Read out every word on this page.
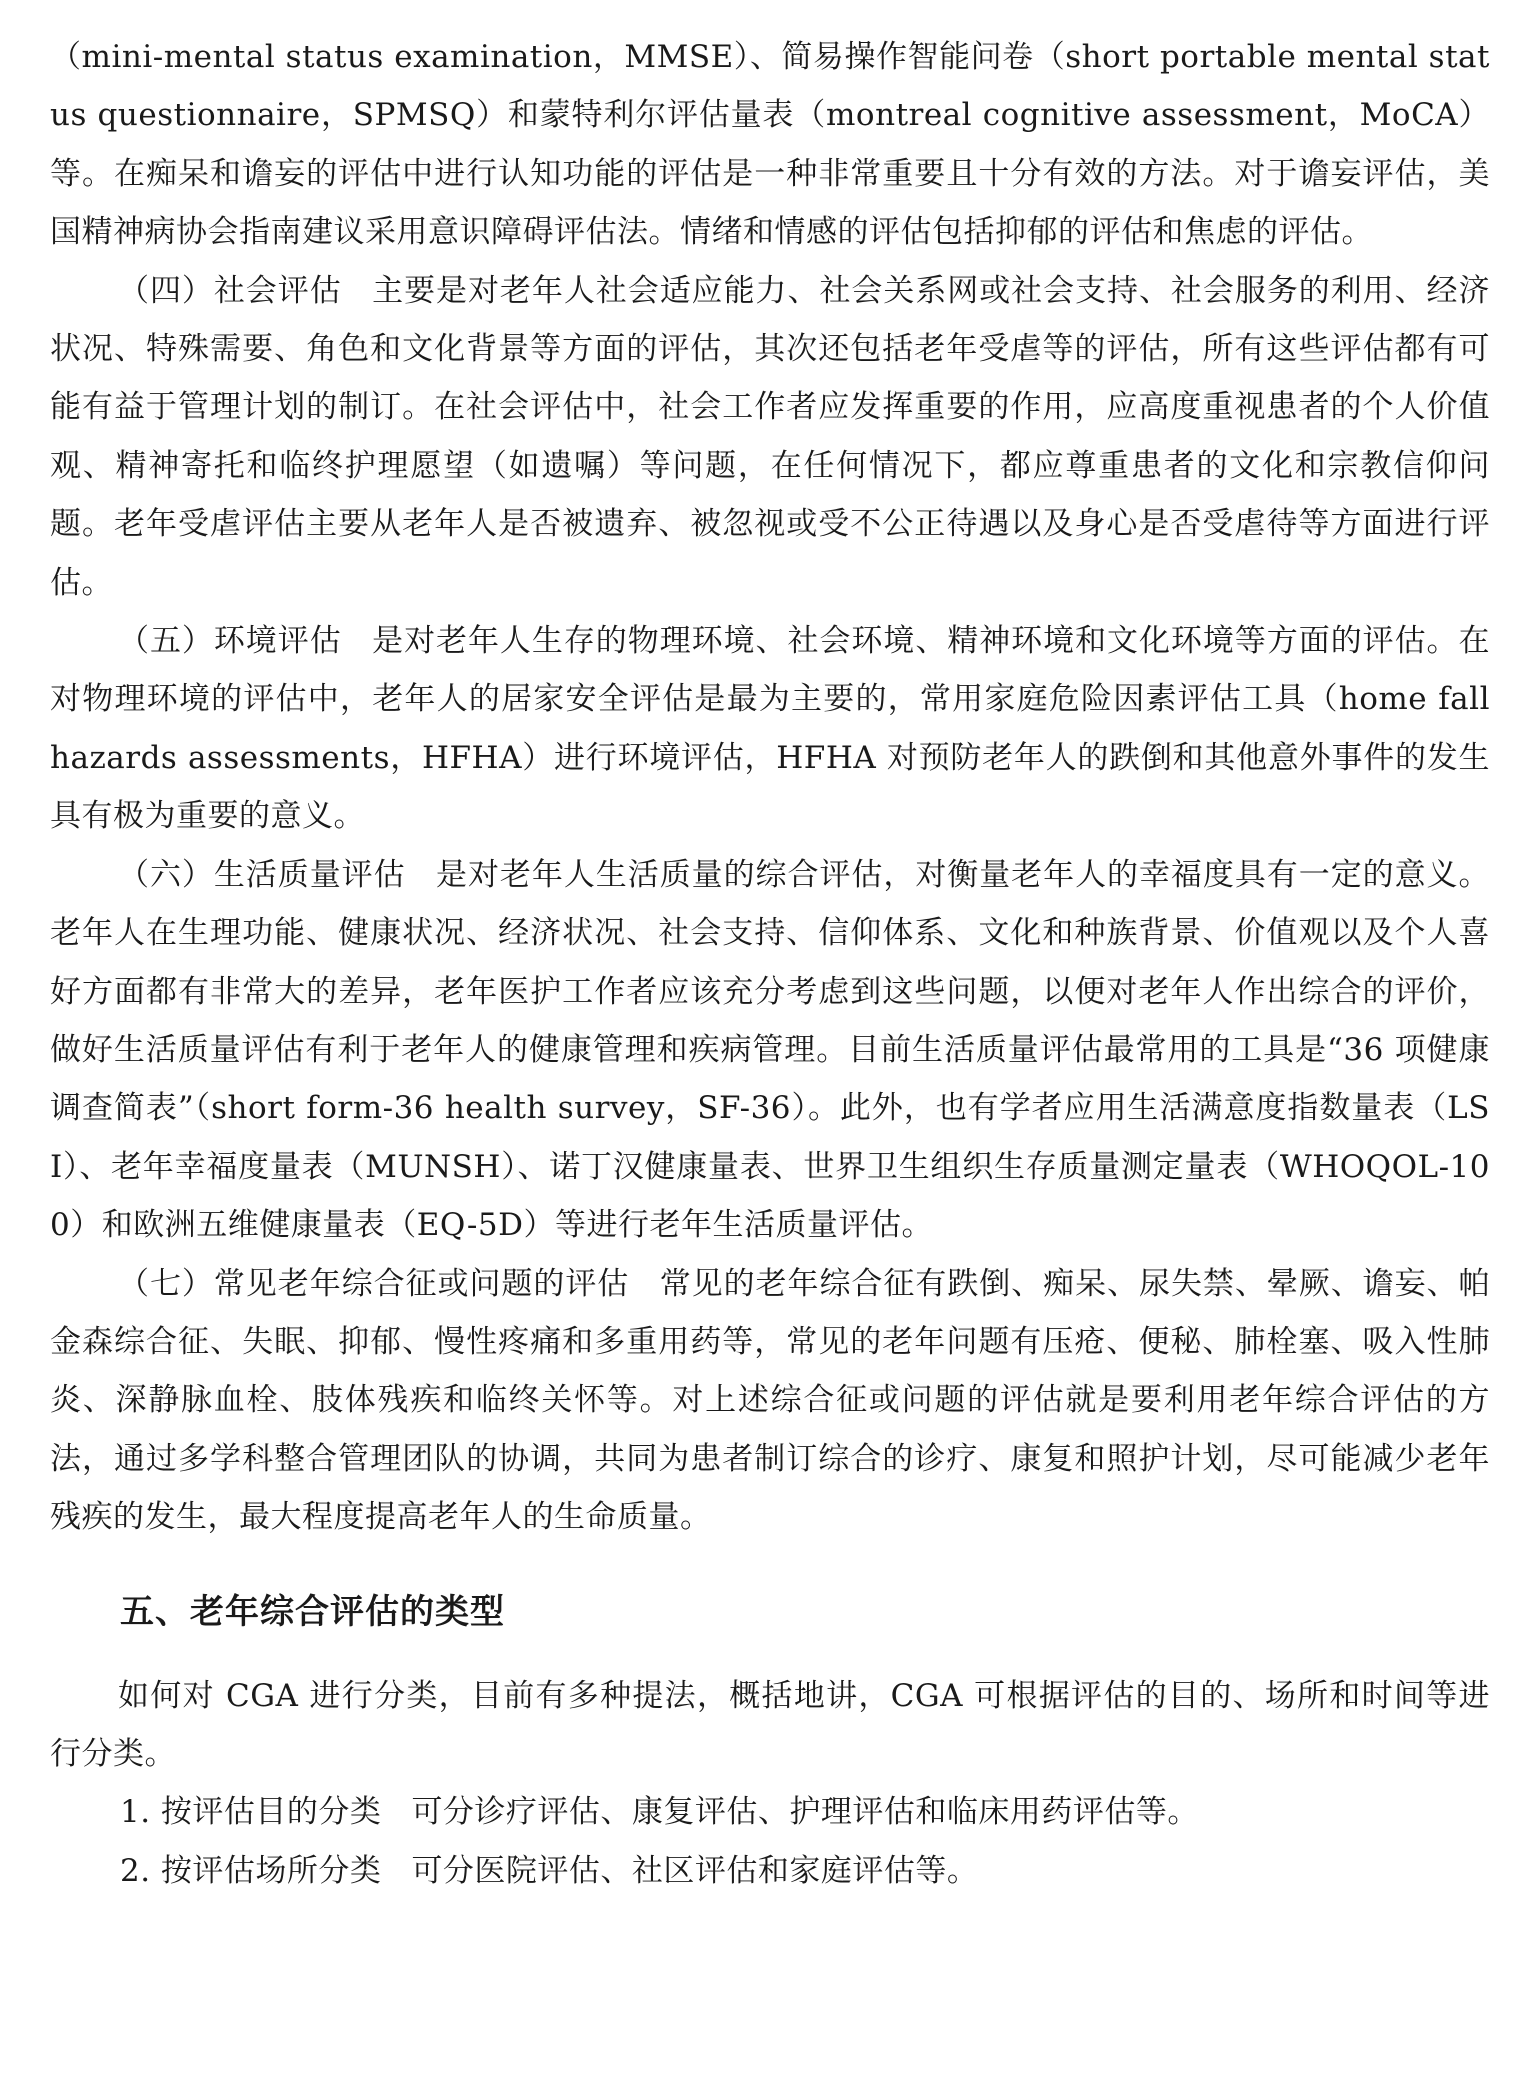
（mini-mental status examination，MMSE）、简易操作智能问卷（short portable mental status questionnaire，SPMSQ）和蒙特利尔评估量表（montreal cognitive assessment，MoCA）等。在痴呆和谵妄的评估中进行认知功能的评估是一种非常重要且十分有效的方法。对于谵妄评估，美国精神病协会指南建议采用意识障碍评估法。情绪和情感的评估包括抑郁的评估和焦虑的评估。

（四）社会评估 主要是对老年人社会适应能力、社会关系网或社会支持、社会服务的利用、经济状况、特殊需要、角色和文化背景等方面的评估，其次还包括老年受虐等的评估，所有这些评估都有可能有益于管理计划的制订。在社会评估中，社会工作者应发挥重要的作用，应高度重视患者的个人价值观、精神寄托和临终护理愿望（如遗嘱）等问题，在任何情况下，都应尊重患者的文化和宗教信仰问题。老年受虐评估主要从老年人是否被遗弃、被忽视或受不公正待遇以及身心是否受虐待等方面进行评估。

（五）环境评估 是对老年人生存的物理环境、社会环境、精神环境和文化环境等方面的评估。在对物理环境的评估中，老年人的居家安全评估是最为主要的，常用家庭危险因素评估工具（home fall hazards assessments，HFHA）进行环境评估，HFHA 对预防老年人的跌倒和其他意外事件的发生具有极为重要的意义。

（六）生活质量评估 是对老年人生活质量的综合评估，对衡量老年人的幸福度具有一定的意义。老年人在生理功能、健康状况、经济状况、社会支持、信仰体系、文化和种族背景、价值观以及个人喜好方面都有非常大的差异，老年医护工作者应该充分考虑到这些问题，以便对老年人作出综合的评价，做好生活质量评估有利于老年人的健康管理和疾病管理。目前生活质量评估最常用的工具是“36 项健康调查简表”（short form-36 health survey，SF-36）。此外，也有学者应用生活满意度指数量表（LSI）、老年幸福度量表（MUNSH）、诺丁汉健康量表、世界卫生组织生存质量测定量表（WHOQOL-100）和欧洲五维健康量表（EQ-5D）等进行老年生活质量评估。

（七）常见老年综合征或问题的评估 常见的老年综合征有跌倒、痴呆、尿失禁、晕厥、谵妄、帕金森综合征、失眠、抑郁、慢性疼痛和多重用药等，常见的老年问题有压疮、便秘、肺栓塞、吸入性肺炎、深静脉血栓、肢体残疾和临终关怀等。对上述综合征或问题的评估就是要利用老年综合评估的方法，通过多学科整合管理团队的协调，共同为患者制订综合的诊疗、康复和照护计划，尽可能减少老年残疾的发生，最大程度提高老年人的生命质量。

五、老年综合评估的类型

如何对 CGA 进行分类，目前有多种提法，概括地讲，CGA 可根据评估的目的、场所和时间等进行分类。

1. 按评估目的分类 可分诊疗评估、康复评估、护理评估和临床用药评估等。

2. 按评估场所分类 可分医院评估、社区评估和家庭评估等。
